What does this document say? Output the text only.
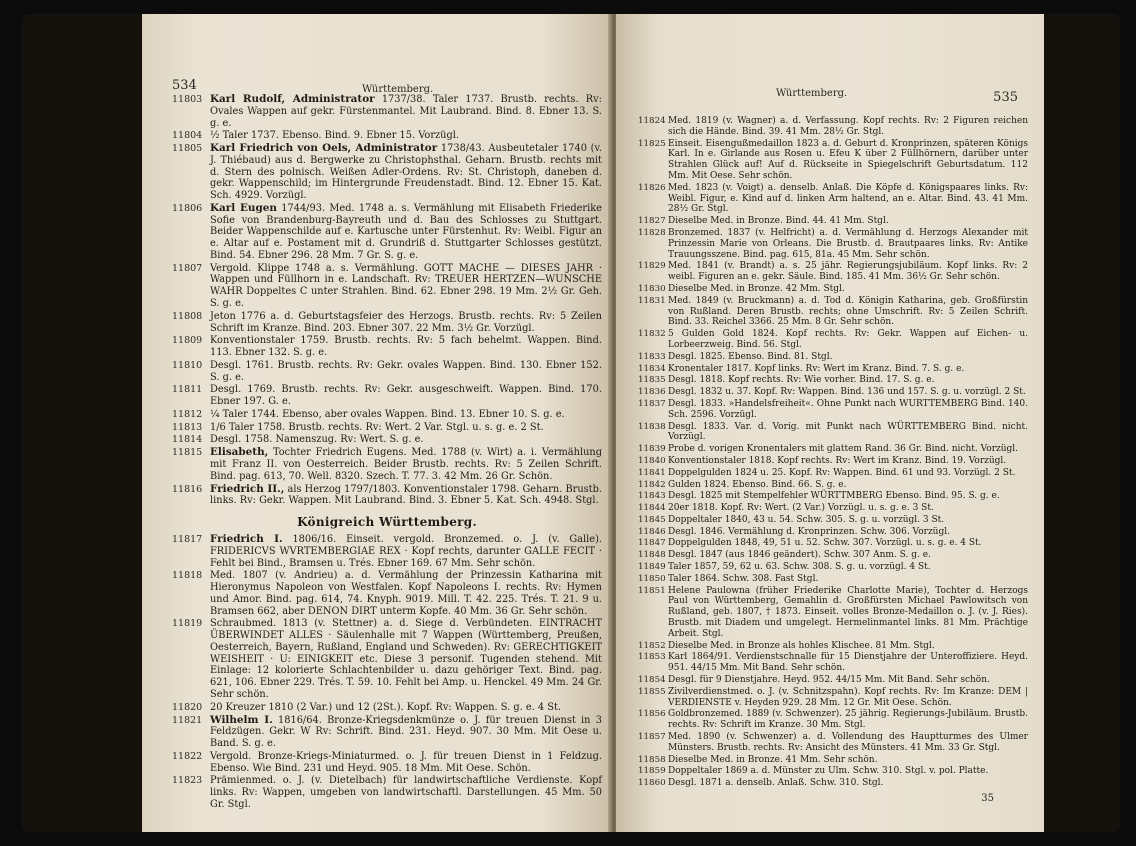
534	Württemberg.
11803 Karl Rudolf, Administrator 1737/38. Taler 1737. Brustb. rechts. Rv: Ovales Wappen auf gekr. Fürstenmantel. Mit Laubrand. Bind. 8. Ebner 13. S. g. e.
11804 ½ Taler 1737. Ebenso. Bind. 9. Ebner 15. Vorzügl.
11805 Karl Friedrich von Oels, Administrator 1738/43. Ausbeutetaler 1740 (v. J. Thiébaud) aus d. Bergwerke zu Christophsthal. Geharn. Brustb. rechts mit d. Stern des polnisch. Weißen Adler-Ordens. Rv: St. Christoph, daneben d. gekr. Wappenschild; im Hintergrunde Freudenstadt. Bind. 12. Ebner 15. Kat. Sch. 4929. Vorzügl.
11806 Karl Eugen 1744/93. Med. 1748 a. s. Vermählung mit Elisabeth Friederike Sofie von Brandenburg-Bayreuth und d. Bau des Schlosses zu Stuttgart. Beider Wappenschilde auf e. Kartusche unter Fürstenhut. Rv: Weibl. Figur an e. Altar auf e. Postament mit d. Grundriß d. Stuttgarter Schlosses gestützt. Bind. 54. Ebner 296. 28 Mm. 7 Gr. S. g. e.
11807 Vergold. Klippe 1748 a. s. Vermählung. GOTT MACHE — DIESES JAHR · Wappen und Füllhorn in e. Landschaft. Rv: TREUER HERTZEN—WUNSCHE WAHR Doppeltes C unter Strahlen. Bind. 62. Ebner 298. 19 Mm. 2½ Gr. Geh. S. g. e.
11808 Jeton 1776 a. d. Geburtstagsfeier des Herzogs. Brustb. rechts. Rv: 5 Zeilen Schrift im Kranze. Bind. 203. Ebner 307. 22 Mm. 3½ Gr. Vorzügl.
11809 Konventionstaler 1759. Brustb. rechts. Rv: 5 fach behelmt. Wappen. Bind. 113. Ebner 132. S. g. e.
11810 Desgl. 1761. Brustb. rechts. Rv: Gekr. ovales Wappen. Bind. 130. Ebner 152. S. g. e.
11811 Desgl. 1769. Brustb. rechts. Rv: Gekr. ausgeschweift. Wappen. Bind. 170. Ebner 197. G. e.
11812 ¼ Taler 1744. Ebenso, aber ovales Wappen. Bind. 13. Ebner 10. S. g. e.
11813 1/6 Taler 1758. Brustb. rechts. Rv: Wert. 2 Var. Stgl. u. s. g. e. 2 St.
11814 Desgl. 1758. Namenszug. Rv: Wert. S. g. e.
11815 Elisabeth, Tochter Friedrich Eugens. Med. 1788 (v. Wirt) a. i. Vermählung mit Franz II. von Oesterreich. Beider Brustb. rechts. Rv: 5 Zeilen Schrift. Bind. pag. 613, 70. Well. 8320. Szech. T. 77. 3. 42 Mm. 26 Gr. Schön.
11816 Friedrich II., als Herzog 1797/1803. Konventionstaler 1798. Geharn. Brustb. links. Rv: Gekr. Wappen. Mit Laubrand. Bind. 3. Ebner 5. Kat. Sch. 4948. Stgl.
Königreich Württemberg.
11817 Friedrich I. 1806/16. Einseit. vergold. Bronzemed. o. J. (v. Galle). FRIDERICVS WVRTEMBERGIAE REX · Kopf rechts, darunter GALLE FECIT · Fehlt bei Bind., Bramsen u. Trés. Ebner 169. 67 Mm. Sehr schön.
11818 Med. 1807 (v. Andrieu) a. d. Vermählung der Prinzessin Katharina mit Hieronymus Napoleon von Westfalen. Kopf Napoleons I. rechts. Rv: Hymen und Amor. Bind. pag. 614, 74. Knyph. 9019. Mill. T. 42. 225. Trés. T. 21. 9 u. Bramsen 662, aber DENON DIRT unterm Kopfe. 40 Mm. 36 Gr. Sehr schön.
11819 Schraubmed. 1813 (v. Stettner) a. d. Siege d. Verbündeten. EINTRACHT ÜBERWINDET ALLES · Säulenhalle mit 7 Wappen (Württemberg, Preußen, Oesterreich, Bayern, Rußland, England und Schweden). Rv: GERECHTIGKEIT WEISHEIT · U: EINIGKEIT etc. Diese 3 personif. Tugenden stehend. Mit Einlage: 12 kolorierte Schlachtenbilder u. dazu gehöriger Text. Bind. pag. 621, 106. Ebner 229. Trés. T. 59. 10. Fehlt bei Amp. u. Henckel. 49 Mm. 24 Gr. Sehr schön.
11820 20 Kreuzer 1810 (2 Var.) und 12 (2St.). Kopf. Rv: Wappen. S. g. e. 4 St.
11821 Wilhelm I. 1816/64. Bronze-Kriegsdenkmünze o. J. für treuen Dienst in 3 Feldzügen. Gekr. W Rv: Schrift. Bind. 231. Heyd. 907. 30 Mm. Mit Oese u. Band. S. g. e.
11822 Vergold. Bronze-Kriegs-Miniaturmed. o. J. für treuen Dienst in 1 Feldzug. Ebenso. Wie Bind. 231 und Heyd. 905. 18 Mm. Mit Oese. Schön.
11823 Prämienmed. o. J. (v. Dietelbach) für landwirtschaftliche Verdienste. Kopf links. Rv: Wappen, umgeben von landwirtschaftl. Darstellungen. 45 Mm. 50 Gr. Stgl.
Württemberg.	535
11824 Med. 1819 (v. Wagner) a. d. Verfassung. Kopf rechts. Rv: 2 Figuren reichen sich die Hände. Bind. 39. 41 Mm. 28½ Gr. Stgl.
11825 Einseit. Eisengußmedaillon 1823 a. d. Geburt d. Kronprinzen, späteren Königs Karl. In e. Girlande aus Rosen u. Efeu K über 2 Füllhörnern, darüber unter Strahlen Glück auf! Auf d. Rückseite in Spiegelschrift Geburtsdatum. 112 Mm. Mit Oese. Sehr schön.
11826 Med. 1823 (v. Voigt) a. denselb. Anlaß. Die Köpfe d. Königspaares links. Rv: Weibl. Figur, e. Kind auf d. linken Arm haltend, an e. Altar. Bind. 43. 41 Mm. 28½ Gr. Stgl.
11827 Dieselbe Med. in Bronze. Bind. 44. 41 Mm. Stgl.
11828 Bronzemed. 1837 (v. Helfricht) a. d. Vermählung d. Herzogs Alexander mit Prinzessin Marie von Orleans. Die Brustb. d. Brautpaares links. Rv: Antike Trauungsszene. Bind. pag. 615, 81a. 45 Mm. Sehr schön.
11829 Med. 1841 (v. Brandt) a. s. 25 jähr. Regierungsjubiläum. Kopf links. Rv: 2 weibl. Figuren an e. gekr. Säule. Bind. 185. 41 Mm. 36½ Gr. Sehr schön.
11830 Dieselbe Med. in Bronze. 42 Mm. Stgl.
11831 Med. 1849 (v. Bruckmann) a. d. Tod d. Königin Katharina, geb. Großfürstin von Rußland. Deren Brustb. rechts; ohne Umschrift. Rv: 5 Zeilen Schrift. Bind. 33. Reichel 3366. 25 Mm. 8 Gr. Sehr schön.
11832 5 Gulden Gold 1824. Kopf rechts. Rv: Gekr. Wappen auf Eichen- u. Lorbeerzweig. Bind. 56. Stgl.
11833 Desgl. 1825. Ebenso. Bind. 81. Stgl.
11834 Kronentaler 1817. Kopf links. Rv: Wert im Kranz. Bind. 7. S. g. e.
11835 Desgl. 1818. Kopf rechts. Rv: Wie vorher. Bind. 17. S. g. e.
11836 Desgl. 1832 u. 37. Kopf. Rv: Wappen. Bind. 136 und 157. S. g. u. vorzügl. 2 St.
11837 Desgl. 1833. »Handelsfreiheit«. Ohne Punkt nach WURTTEMBERG Bind. 140. Sch. 2596. Vorzügl.
11838 Desgl. 1833. Var. d. Vorig. mit Punkt nach WÜRTTEMBERG Bind. nicht. Vorzügl.
11839 Probe d. vorigen Kronentalers mit glattem Rand. 36 Gr. Bind. nicht. Vorzügl.
11840 Konventionstaler 1818. Kopf rechts. Rv: Wert im Kranz. Bind. 19. Vorzügl.
11841 Doppelgulden 1824 u. 25. Kopf. Rv: Wappen. Bind. 61 und 93. Vorzügl. 2 St.
11842 Gulden 1824. Ebenso. Bind. 66. S. g. e.
11843 Desgl. 1825 mit Stempelfehler WÜRTTMBERG Ebenso. Bind. 95. S. g. e.
11844 20er 1818. Kopf. Rv: Wert. (2 Var.) Vorzügl. u. s. g. e. 3 St.
11845 Doppeltaler 1840, 43 u. 54. Schw. 305. S. g. u. vorzügl. 3 St.
11846 Desgl. 1846. Vermählung d. Kronprinzen. Schw. 306. Vorzügl.
11847 Doppelgulden 1848, 49, 51 u. 52. Schw. 307. Vorzügl. u. s. g. e. 4 St.
11848 Desgl. 1847 (aus 1846 geändert). Schw. 307 Anm. S. g. e.
11849 Taler 1857, 59, 62 u. 63. Schw. 308. S. g. u. vorzügl. 4 St.
11850 Taler 1864. Schw. 308. Fast Stgl.
11851 Helene Paulowna (früher Friederike Charlotte Marie), Tochter d. Herzogs Paul von Württemberg, Gemahlin d. Großfürsten Michael Pawlowitsch von Rußland, geb. 1807, † 1873. Einseit. volles Bronze-Medaillon o. J. (v. J. Ries). Brustb. mit Diadem und umgelegt. Hermelinmantel links. 81 Mm. Prächtige Arbeit. Stgl.
11852 Dieselbe Med. in Bronze als hohles Klischee. 81 Mm. Stgl.
11853 Karl 1864/91. Verdienstschnalle für 15 Dienstjahre der Unteroffiziere. Heyd. 951. 44/15 Mm. Mit Band. Sehr schön.
11854 Desgl. für 9 Dienstjahre. Heyd. 952. 44/15 Mm. Mit Band. Sehr schön.
11855 Zivilverdienstmed. o. J. (v. Schnitzspahn). Kopf rechts. Rv: Im Kranze: DEM | VERDIENSTE v. Heyden 929. 28 Mm. 12 Gr. Mit Oese. Schön.
11856 Goldbronzemed. 1889 (v. Schwenzer). 25 jährig. Regierungs-Jubiläum. Brustb. rechts. Rv: Schrift im Kranze. 30 Mm. Stgl.
11857 Med. 1890 (v. Schwenzer) a. d. Vollendung des Hauptturmes des Ulmer Münsters. Brustb. rechts. Rv: Ansicht des Münsters. 41 Mm. 33 Gr. Stgl.
11858 Dieselbe Med. in Bronze. 41 Mm. Sehr schön.
11859 Doppeltaler 1869 a. d. Münster zu Ulm. Schw. 310. Stgl. v. pol. Platte.
11860 Desgl. 1871 a. denselb. Anlaß. Schw. 310. Stgl.
35
